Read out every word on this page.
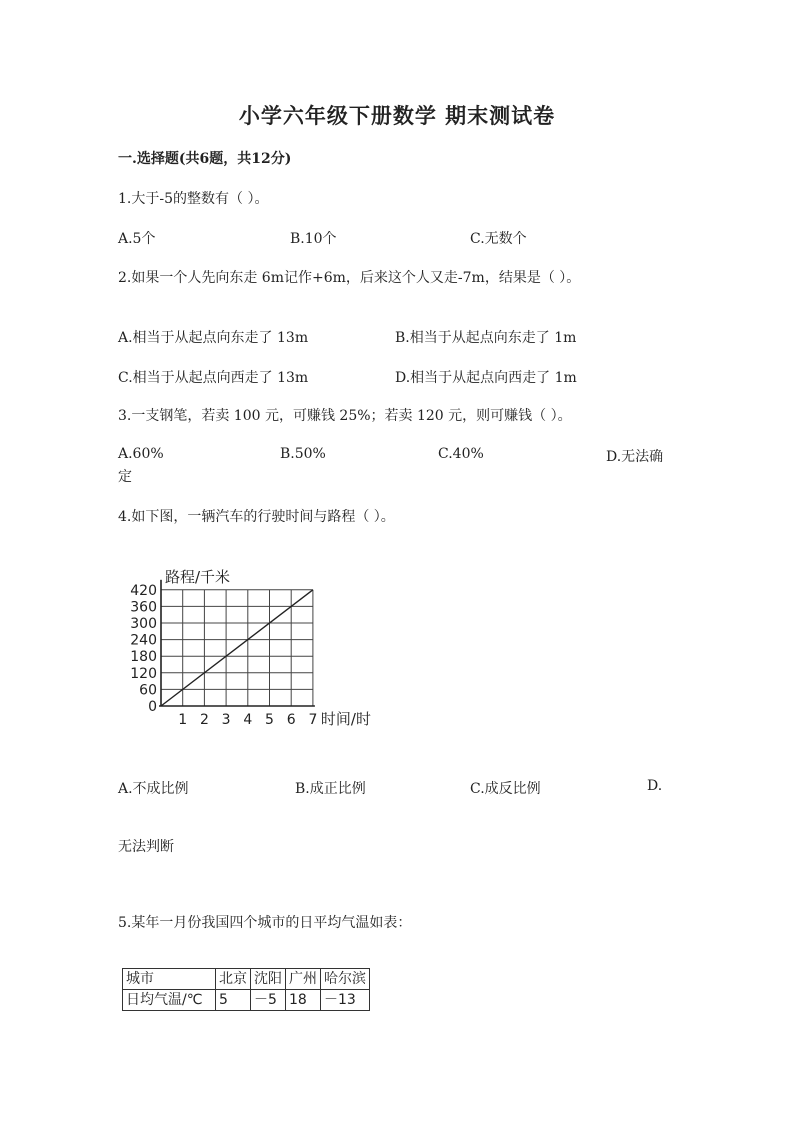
小学六年级下册数学 期末测试卷
一.选择题(共6题，共12分)
1.大于-5的整数有（ ）。
A.5个	B.10个	C.无数个
2.如果一个人先向东走 6m记作+6m，后来这个人又走-7m，结果是（ ）。
A.相当于从起点向东走了 13m	B.相当于从起点向东走了 1m
C.相当于从起点向西走了 13m	D.相当于从起点向西走了 1m
3.一支钢笔，若卖 100 元，可赚钱 25%；若卖 120 元，则可赚钱（ ）。
A.60%	B.50%	C.40%	D.无法确
定
4.如下图，一辆汽车的行驶时间与路程（ ）。
0
60
120
180
240
300
360
420
1 2 3 4 5 6 7
路程/千米
时间/时
A.不成比例	B.成正比例	C.成反比例	D.
无法判断
5.某年一月份我国四个城市的日平均气温如表：
城市	北京	沈阳	广州	哈尔滨
日均气温/℃	5	－5	18	－13
